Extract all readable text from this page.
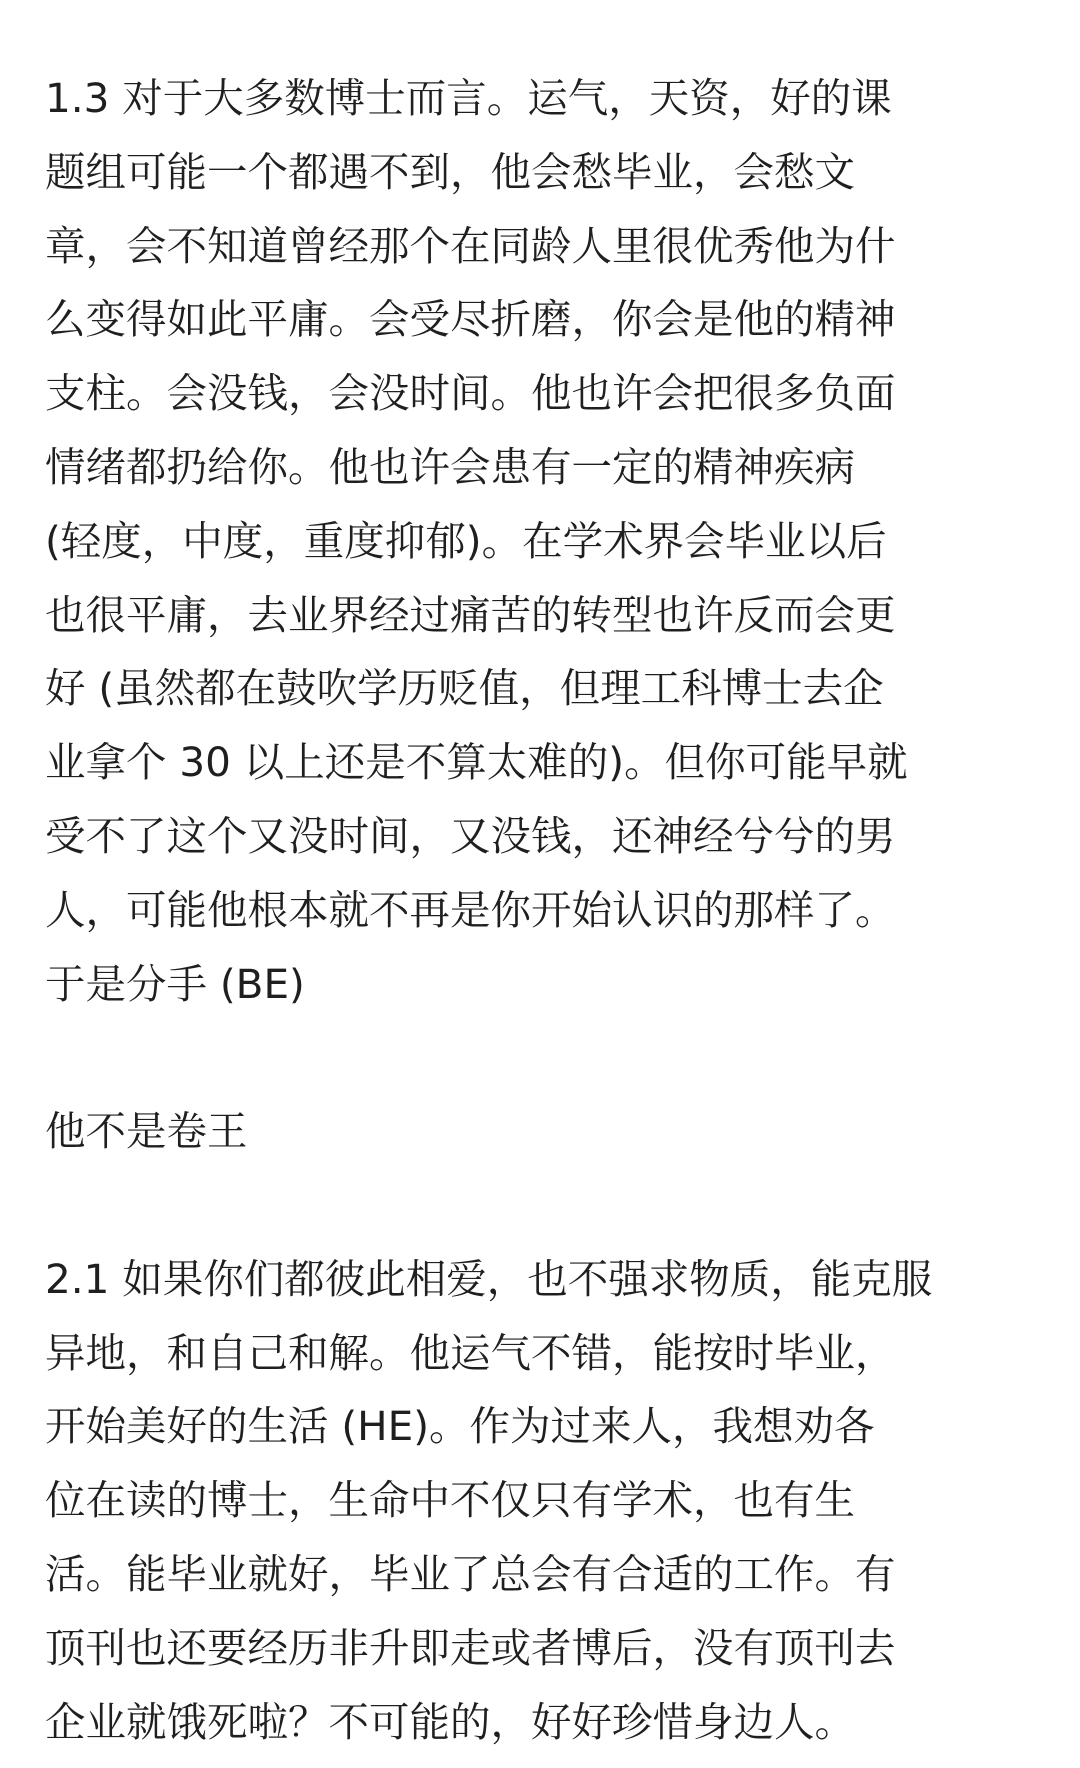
1.3 对于大多数博士而言。运气，天资，好的课
题组可能一个都遇不到，他会愁毕业，会愁文
章，会不知道曾经那个在同龄人里很优秀他为什
么变得如此平庸。会受尽折磨，你会是他的精神
支柱。会没钱，会没时间。他也许会把很多负面
情绪都扔给你。他也许会患有一定的精神疾病
(轻度，中度，重度抑郁)。在学术界会毕业以后
也很平庸，去业界经过痛苦的转型也许反而会更
好 (虽然都在鼓吹学历贬值，但理工科博士去企
业拿个 30 以上还是不算太难的)。但你可能早就
受不了这个又没时间，又没钱，还神经兮兮的男
人，可能他根本就不再是你开始认识的那样了。
于是分手 (BE)
他不是卷王
2.1 如果你们都彼此相爱，也不强求物质，能克服
异地，和自己和解。他运气不错，能按时毕业，
开始美好的生活 (HE)。作为过来人，我想劝各
位在读的博士，生命中不仅只有学术，也有生
活。能毕业就好，毕业了总会有合适的工作。有
顶刊也还要经历非升即走或者博后，没有顶刊去
企业就饿死啦？不可能的，好好珍惜身边人。
